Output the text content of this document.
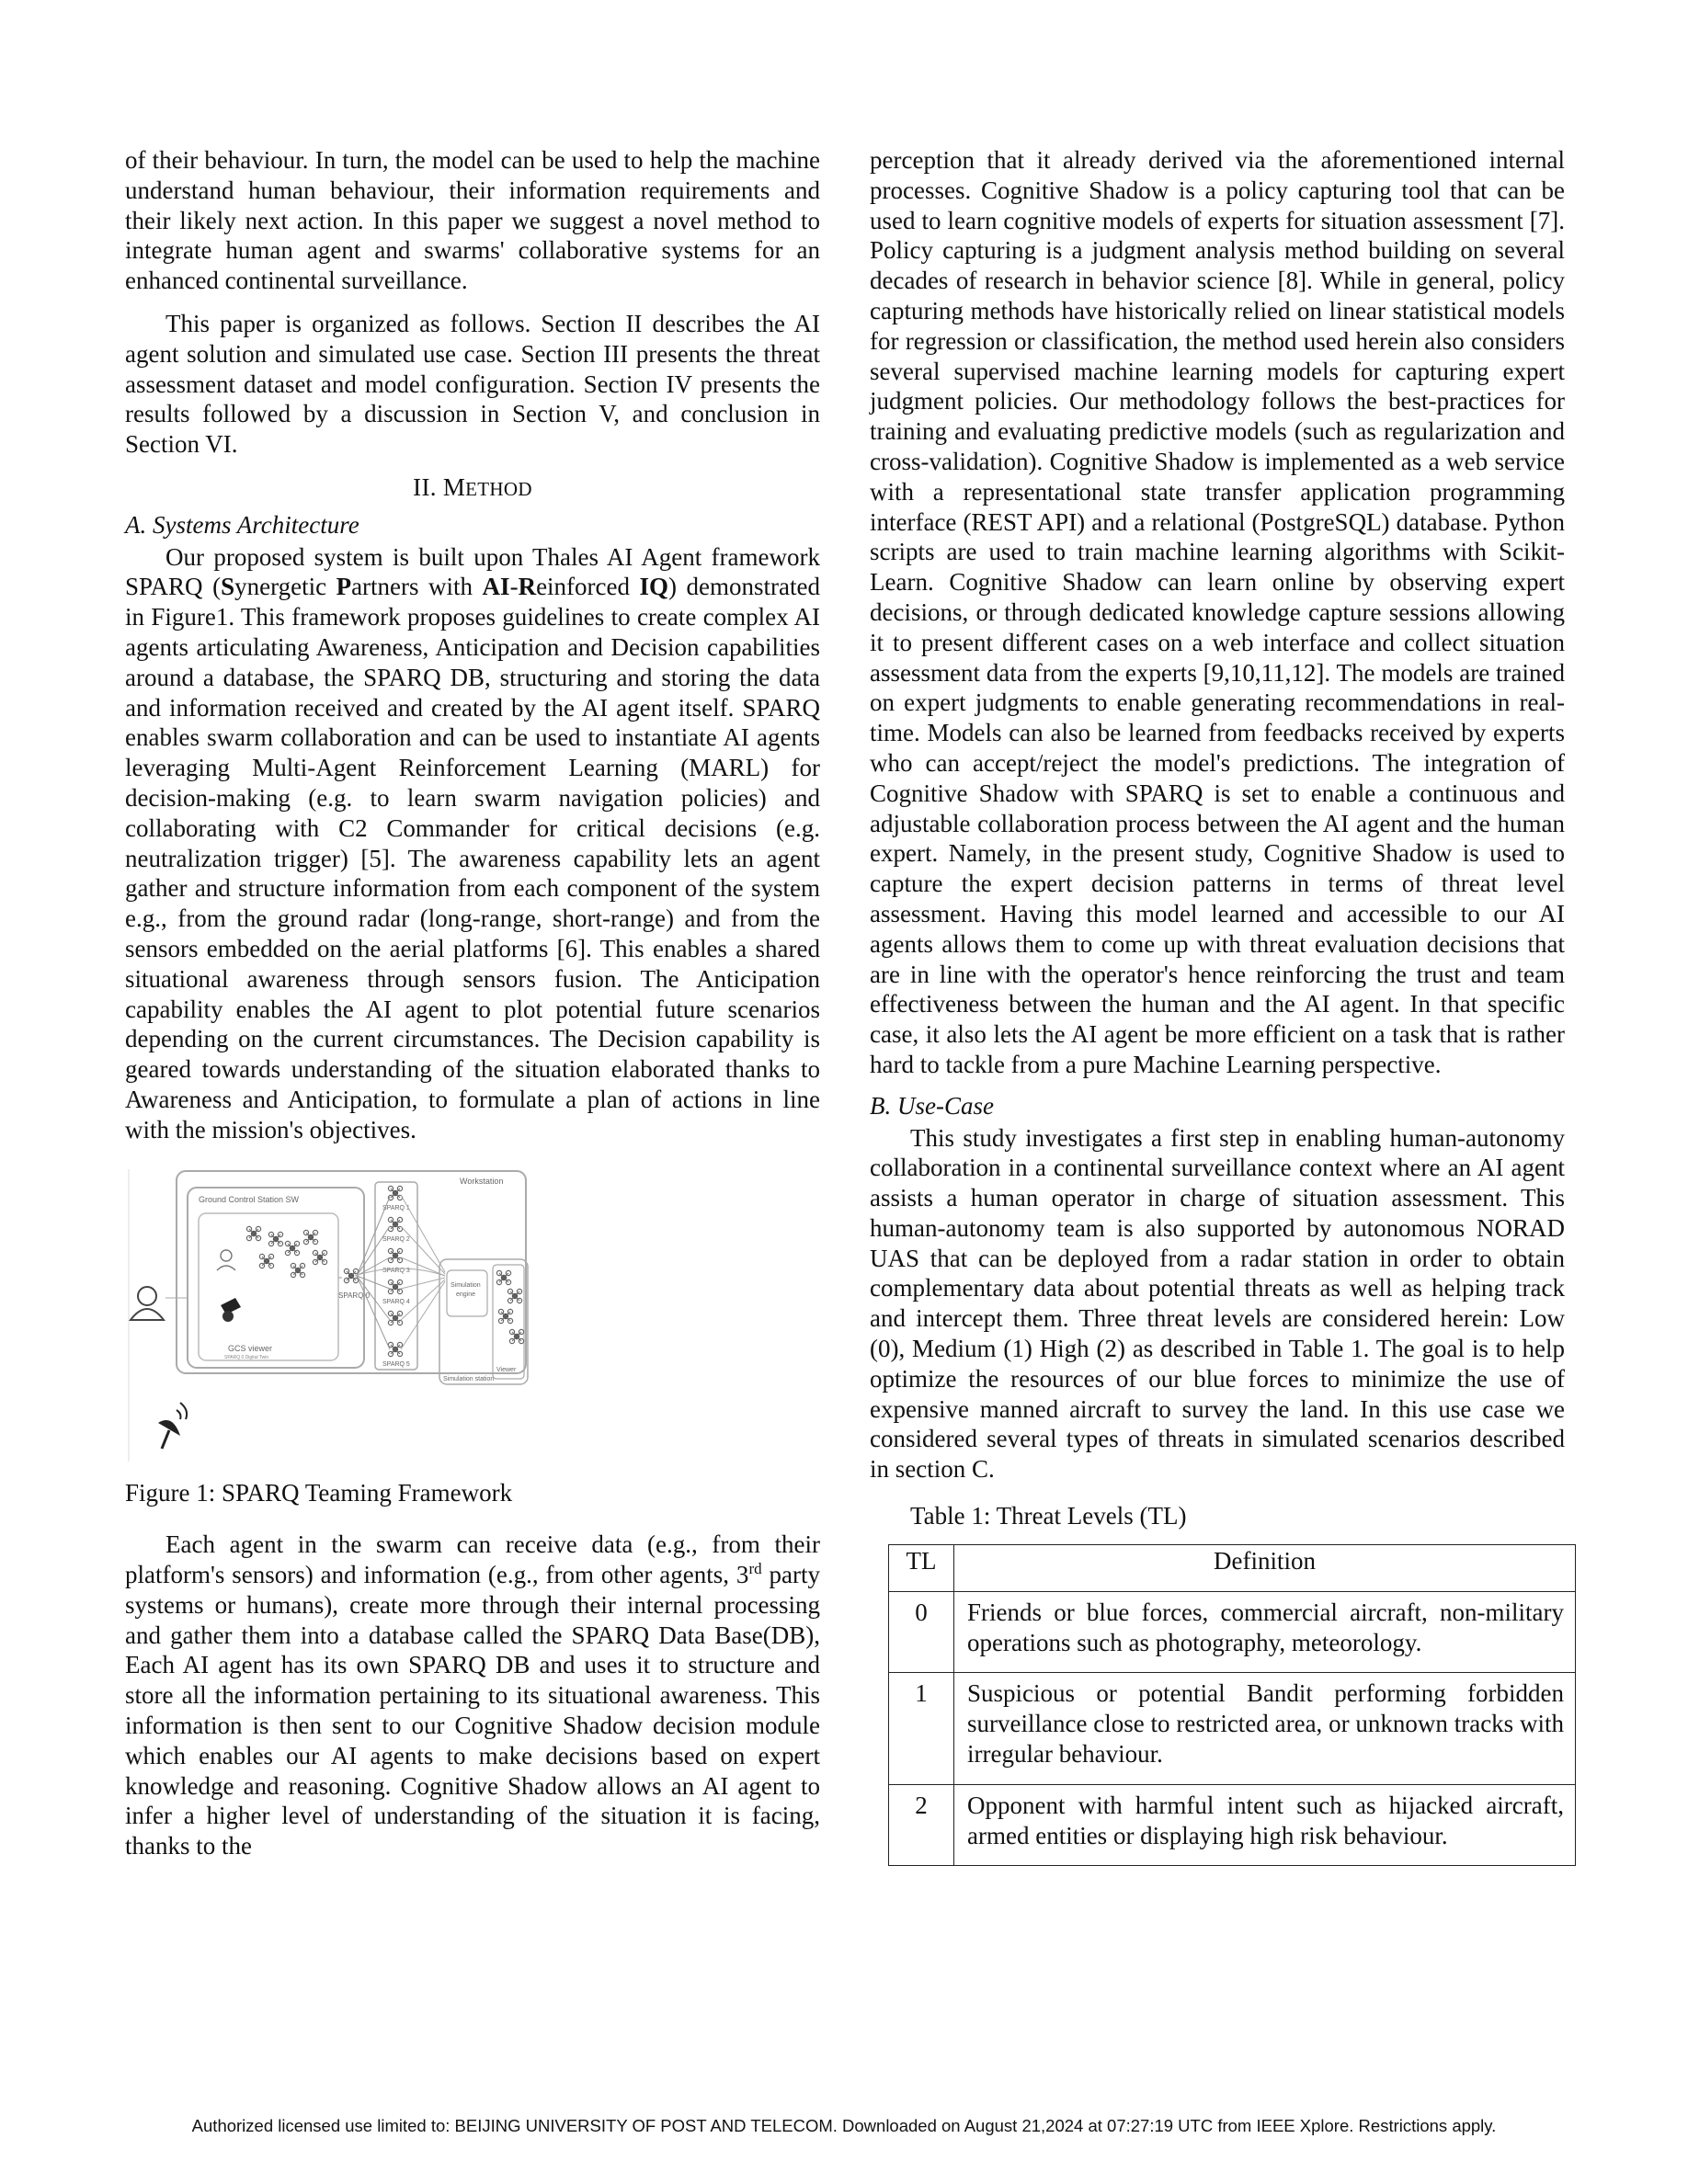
of their behaviour. In turn, the model can be used to help the machine understand human behaviour, their information requirements and their likely next action. In this paper we suggest a novel method to integrate human agent and swarms' collaborative systems for an enhanced continental surveillance.

This paper is organized as follows. Section II describes the AI agent solution and simulated use case. Section III presents the threat assessment dataset and model configuration. Section IV presents the results followed by a discussion in Section V, and conclusion in Section VI.

II. METHOD
A. Systems Architecture

Our proposed system is built upon Thales AI Agent framework SPARQ (Synergetic Partners with AI-Reinforced IQ) demonstrated in Figure1. This framework proposes guidelines to create complex AI agents articulating Awareness, Anticipation and Decision capabilities around a database, the SPARQ DB, structuring and storing the data and information received and created by the AI agent itself. SPARQ enables swarm collaboration and can be used to instantiate AI agents leveraging Multi-Agent Reinforcement Learning (MARL) for decision-making (e.g. to learn swarm navigation policies) and collaborating with C2 Commander for critical decisions (e.g. neutralization trigger) [5]. The awareness capability lets an agent gather and structure information from each component of the system e.g., from the ground radar (long-range, short-range) and from the sensors embedded on the aerial platforms [6]. This enables a shared situational awareness through sensors fusion. The Anticipation capability enables the AI agent to plot potential future scenarios depending on the current circumstances. The Decision capability is geared towards understanding of the situation elaborated thanks to Awareness and Anticipation, to formulate a plan of actions in line with the mission's objectives.

Workstation
Ground Control Station SW
GCS viewer
SPARQ 0 Digital Twin
SPARQ 0
SPARQ 1
SPARQ 2
SPARQ 3
SPARQ 4
SPARQ 5
Simulation
engine
Simulation station
Viewer
Figure 1: SPARQ Teaming Framework

Each agent in the swarm can receive data (e.g., from their platform's sensors) and information (e.g., from other agents, 3rd party systems or humans), create more through their internal processing and gather them into a database called the SPARQ Data Base(DB), Each AI agent has its own SPARQ DB and uses it to structure and store all the information pertaining to its situational awareness. This information is then sent to our Cognitive Shadow decision module which enables our AI agents to make decisions based on expert knowledge and reasoning. Cognitive Shadow allows an AI agent to infer a higher level of understanding of the situation it is facing, thanks to the

perception that it already derived via the aforementioned internal processes. Cognitive Shadow is a policy capturing tool that can be used to learn cognitive models of experts for situation assessment [7]. Policy capturing is a judgment analysis method building on several decades of research in behavior science [8]. While in general, policy capturing methods have historically relied on linear statistical models for regression or classification, the method used herein also considers several supervised machine learning models for capturing expert judgment policies. Our methodology follows the best-practices for training and evaluating predictive models (such as regularization and cross-validation). Cognitive Shadow is implemented as a web service with a representational state transfer application programming interface (REST API) and a relational (PostgreSQL) database. Python scripts are used to train machine learning algorithms with Scikit-Learn. Cognitive Shadow can learn online by observing expert decisions, or through dedicated knowledge capture sessions allowing it to present different cases on a web interface and collect situation assessment data from the experts [9,10,11,12]. The models are trained on expert judgments to enable generating recommendations in real-time. Models can also be learned from feedbacks received by experts who can accept/reject the model's predictions. The integration of Cognitive Shadow with SPARQ is set to enable a continuous and adjustable collaboration process between the AI agent and the human expert. Namely, in the present study, Cognitive Shadow is used to capture the expert decision patterns in terms of threat level assessment. Having this model learned and accessible to our AI agents allows them to come up with threat evaluation decisions that are in line with the operator's hence reinforcing the trust and team effectiveness between the human and the AI agent. In that specific case, it also lets the AI agent be more efficient on a task that is rather hard to tackle from a pure Machine Learning perspective.

B. Use-Case

This study investigates a first step in enabling human-autonomy collaboration in a continental surveillance context where an AI agent assists a human operator in charge of situation assessment. This human-autonomy team is also supported by autonomous NORAD UAS that can be deployed from a radar station in order to obtain complementary data about potential threats as well as helping track and intercept them. Three threat levels are considered herein: Low (0), Medium (1) High (2) as described in Table 1. The goal is to help optimize the resources of our blue forces to minimize the use of expensive manned aircraft to survey the land. In this use case we considered several types of threats in simulated scenarios described in section C.

Table 1: Threat Levels (TL)
TL	Definition
0	Friends or blue forces, commercial aircraft, non-military operations such as photography, meteorology.
1	Suspicious or potential Bandit performing forbidden surveillance close to restricted area, or unknown tracks with irregular behaviour.
2	Opponent with harmful intent such as hijacked aircraft, armed entities or displaying high risk behaviour.
Authorized licensed use limited to: BEIJING UNIVERSITY OF POST AND TELECOM. Downloaded on August 21,2024 at 07:27:19 UTC from IEEE Xplore. Restrictions apply.
